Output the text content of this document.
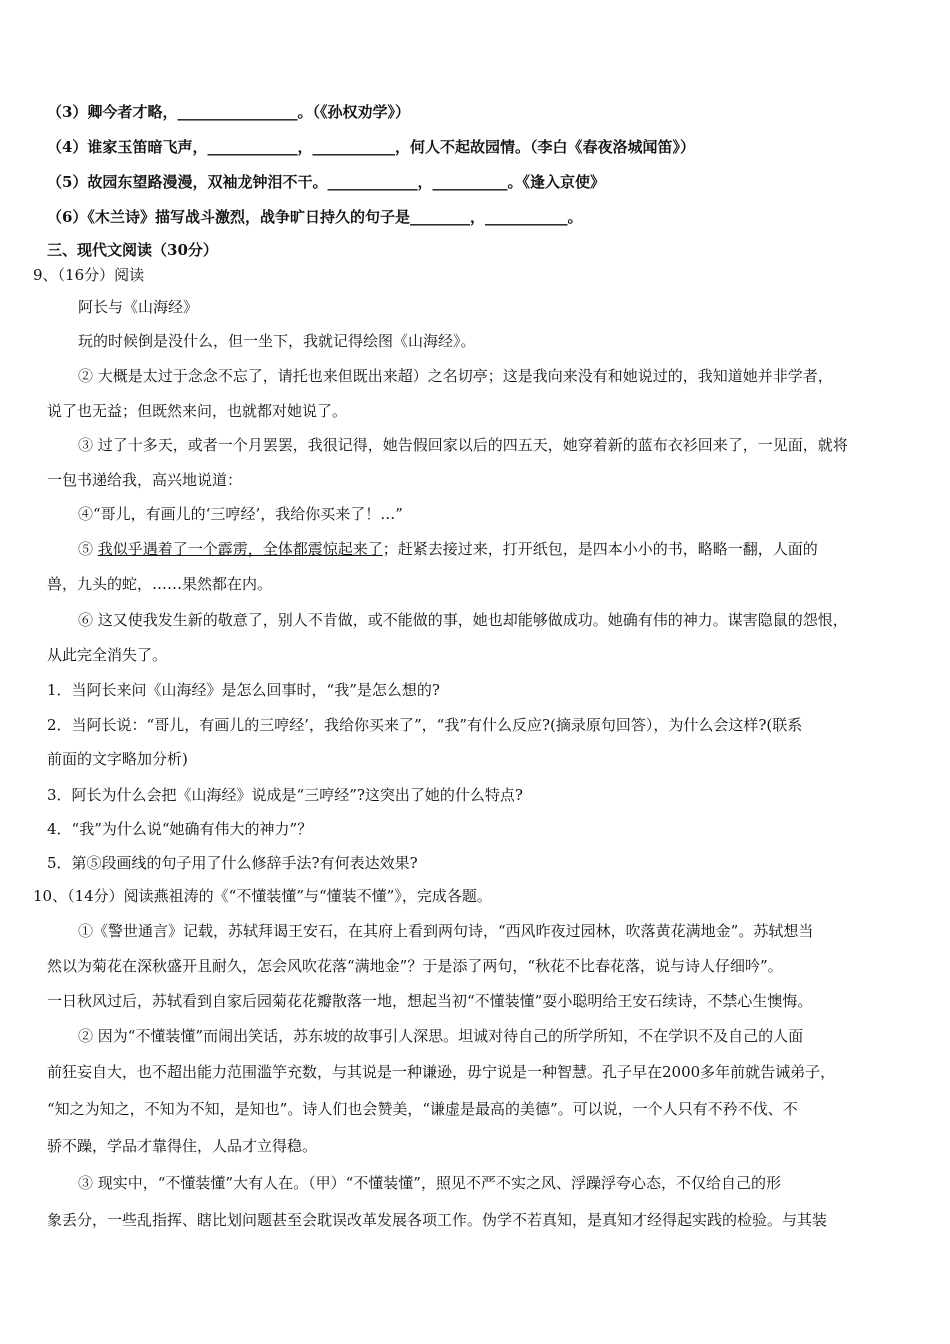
（3）卿今者才略，________________。（《孙权劝学》）
（4）谁家玉笛暗飞声，____________，___________，何人不起故园情。（李白《春夜洛城闻笛》）
（5）故园东望路漫漫，双袖龙钟泪不干。____________，__________。《逢入京使》
（6）《木兰诗》描写战斗激烈，战争旷日持久的句子是________，___________。
三、现代文阅读（30分）
9、（16分）阅读
阿长与《山海经》
玩的时候倒是没什么，但一坐下，我就记得绘图《山海经》。
② 大概是太过于念念不忘了，请托也来但既出来超）之名切亭；这是我向来没有和她说过的，我知道她并非学者，
说了也无益；但既然来问，也就都对她说了。
③ 过了十多天，或者一个月罢罢，我很记得，她告假回家以后的四五天，她穿着新的蓝布衣衫回来了，一见面，就将
一包书递给我，高兴地说道：
④“哥儿，有画儿的‘三哼经’，我给你买来了！…”
⑤ 我似乎遇着了一个霹雳，全体都震惊起来了；赶紧去接过来，打开纸包，是四本小小的书，略略一翻，人面的
兽，九头的蛇，……果然都在内。
⑥ 这又使我发生新的敬意了，别人不肯做，或不能做的事，她也却能够做成功。她确有伟的神力。谋害隐鼠的怨恨，
从此完全消失了。
1．当阿长来问《山海经》是怎么回事时，“我”是怎么想的?
2．当阿长说：“哥儿，有画儿的三哼经’，我给你买来了”，“我”有什么反应?(摘录原句回答），为什么会这样?(联系
前面的文字略加分析)
3．阿长为什么会把《山海经》说成是“三哼经”?这突出了她的什么特点?
4．“我”为什么说“她确有伟大的神力”？
5．第⑤段画线的句子用了什么修辞手法?有何表达效果?
10、（14分）阅读燕祖涛的《“不懂装懂”与“懂装不懂”》，完成各题。
①《警世通言》记载，苏轼拜谒王安石，在其府上看到两句诗，“西风昨夜过园林，吹落黄花满地金”。苏轼想当
然以为菊花在深秋盛开且耐久，怎会风吹花落“满地金”？于是添了两句，“秋花不比春花落，说与诗人仔细吟”。
一日秋风过后，苏轼看到自家后园菊花花瓣散落一地，想起当初“不懂装懂”耍小聪明给王安石续诗，不禁心生懊悔。
② 因为“不懂装懂”而闹出笑话，苏东坡的故事引人深思。坦诚对待自己的所学所知，不在学识不及自己的人面
前狂妄自大，也不超出能力范围滥竽充数，与其说是一种谦逊，毋宁说是一种智慧。孔子早在2000多年前就告诫弟子，
“知之为知之，不知为不知，是知也”。诗人们也会赞美，“谦虚是最高的美德”。可以说，一个人只有不矜不伐、不
骄不躁，学品才靠得住，人品才立得稳。
③ 现实中，“不懂装懂”大有人在。（甲）“不懂装懂”，照见不严不实之风、浮躁浮夸心态，不仅给自己的形
象丢分，一些乱指挥、瞎比划问题甚至会耽误改革发展各项工作。伪学不若真知，是真知才经得起实践的检验。与其装
